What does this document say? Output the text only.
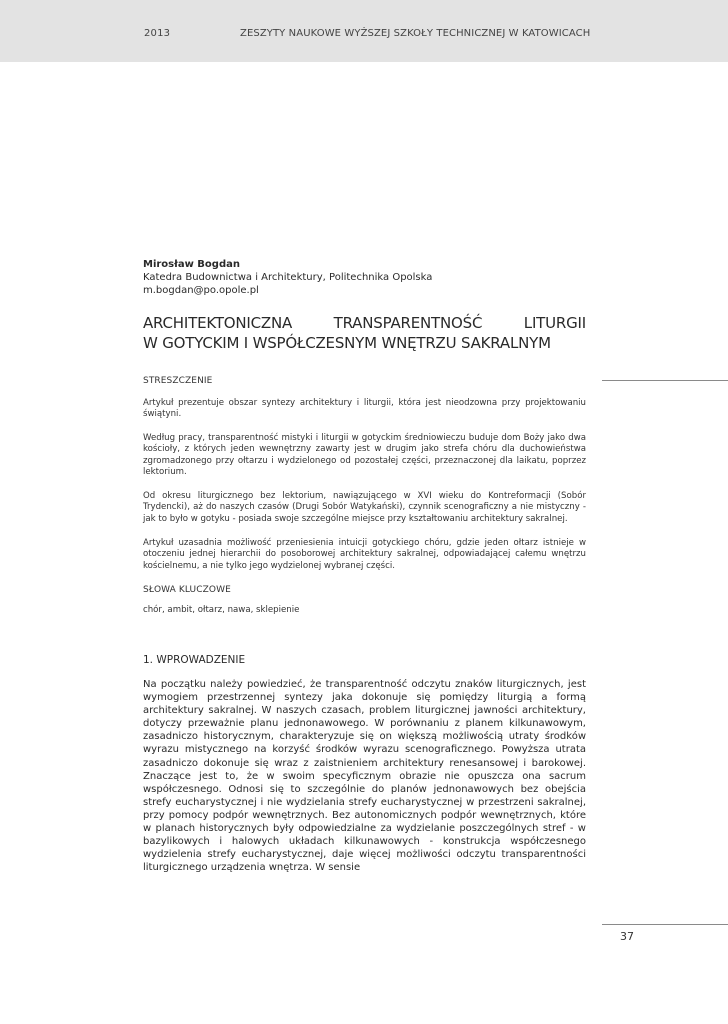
2013	ZESZYTY NAUKOWE WYŻSZEJ SZKOŁY TECHNICZNEJ W KATOWICACH
Mirosław Bogdan
Katedra Budownictwa i Architektury, Politechnika Opolska
m.bogdan@po.opole.pl
ARCHITEKTONICZNA	TRANSPARENTNOŚĆ	LITURGII
W GOTYCKIM I WSPÓŁCZESNYM WNĘTRZU SAKRALNYM
STRESZCZENIE

Artykuł prezentuje obszar syntezy architektury i liturgii, która jest nieodzowna przy projektowaniu świątyni.

Według pracy, transparentność mistyki i liturgii w gotyckim średniowieczu buduje dom Boży jako dwa kościoły, z których jeden wewnętrzny zawarty jest w drugim jako strefa chóru dla duchowieństwa zgromadzonego przy ołtarzu i wydzielonego od pozostałej części, przeznaczonej dla laikatu, poprzez lektorium.

Od okresu liturgicznego bez lektorium, nawiązującego w XVI wieku do Kontreformacji (Sobór Trydencki), aż do naszych czasów (Drugi Sobór Watykański), czynnik scenograficzny a nie mistyczny - jak to było w gotyku - posiada swoje szczególne miejsce przy kształtowaniu architektury sakralnej.

Artykuł uzasadnia możliwość przeniesienia intuicji gotyckiego chóru, gdzie jeden ołtarz istnieje w otoczeniu jednej hierarchii do posoborowej architektury sakralnej, odpowiadającej całemu wnętrzu kościelnemu, a nie tylko jego wydzielonej wybranej części.

SŁOWA KLUCZOWE
chór, ambit, ołtarz, nawa, sklepienie
1. WPROWADZENIE

Na początku należy powiedzieć, że transparentność odczytu znaków liturgicznych, jest wymogiem przestrzennej syntezy jaka dokonuje się pomiędzy liturgią a formą architektury sakralnej. W naszych czasach, problem liturgicznej jawności architektury, dotyczy przeważnie planu jednonawowego. W porównaniu z planem kilkunawowym, zasadniczo historycznym, charakteryzuje się on większą możliwością utraty środków wyrazu mistycznego na korzyść środków wyrazu scenograficznego. Powyższa utrata zasadniczo dokonuje się wraz z zaistnieniem architektury renesansowej i barokowej. Znaczące jest to, że w swoim specyficznym obrazie nie opuszcza ona sacrum współczesnego. Odnosi się to szczególnie do planów jednonawowych bez obejścia strefy eucharystycznej i nie wydzielania strefy eucharystycznej w przestrzeni sakralnej, przy pomocy podpór wewnętrznych. Bez autonomicznych podpór wewnętrznych, które w planach historycznych były odpowiedzialne za wydzielanie poszczególnych stref - w bazylikowych i halowych układach kilkunawowych - konstrukcja współczesnego wydzielenia strefy eucharystycznej, daje więcej możliwości odczytu transparentności liturgicznego urządzenia wnętrza. W sensie

37
